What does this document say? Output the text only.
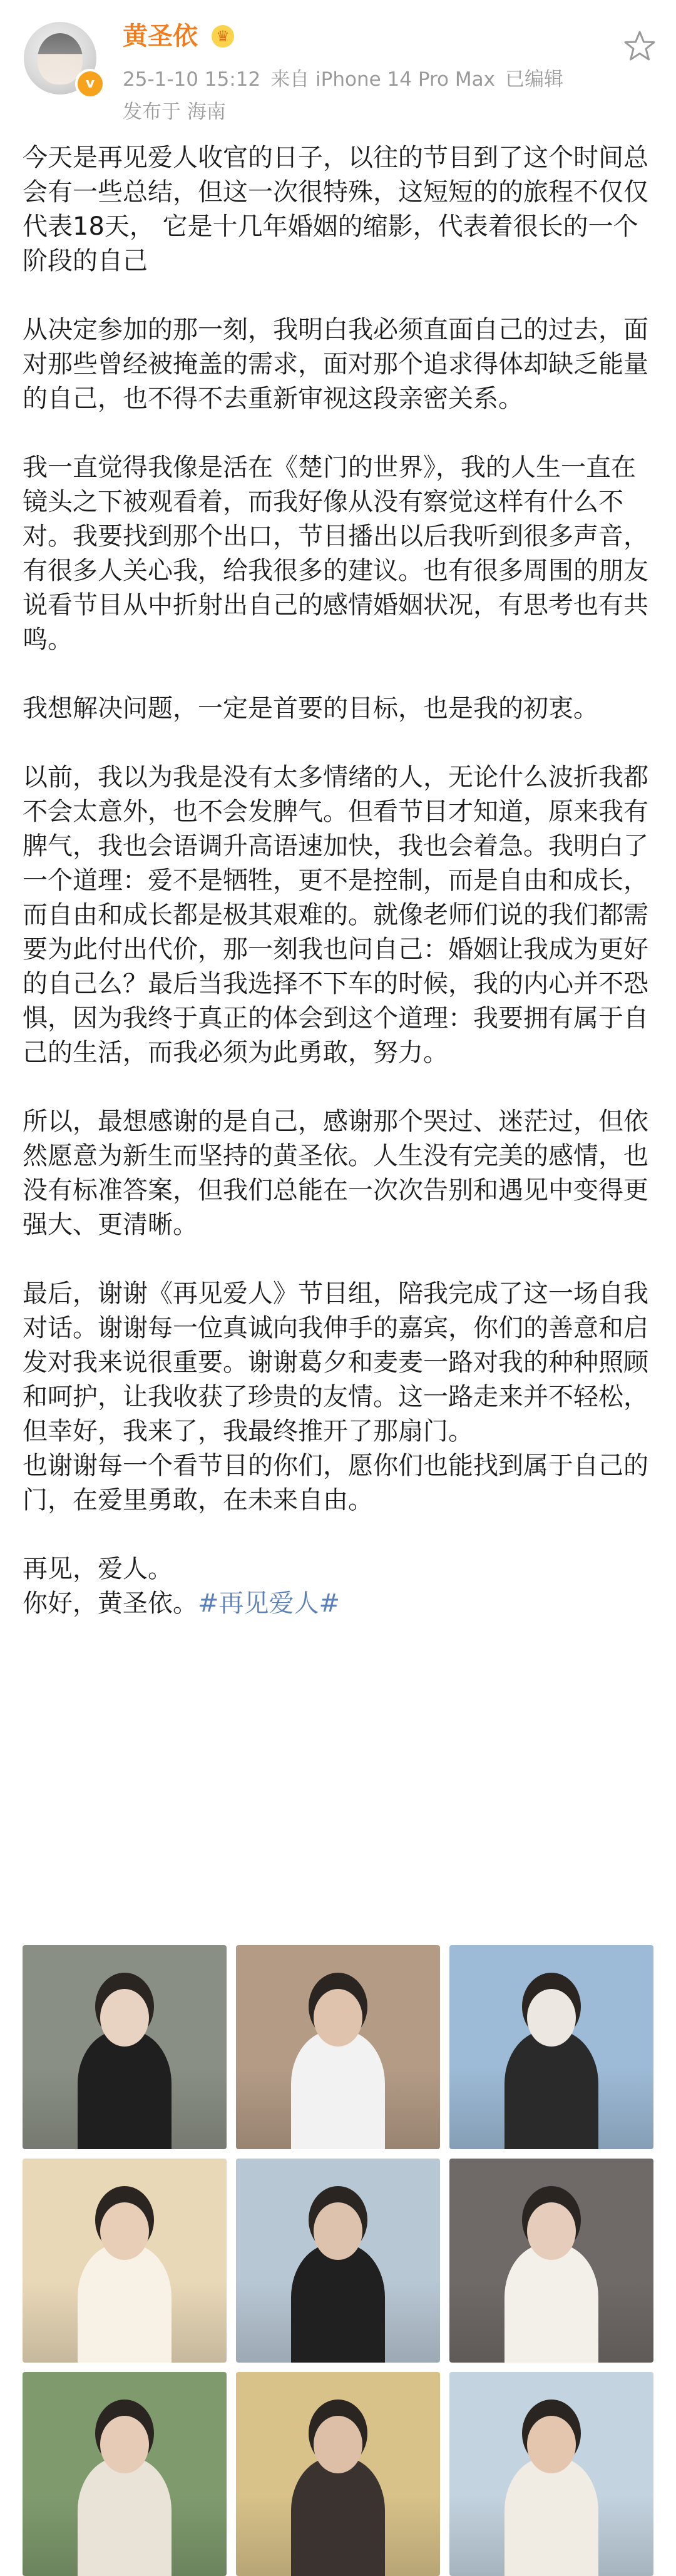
v
黄圣依	♛
25-1-10 15:12 来自 iPhone 14 Pro Max 已编辑
发布于 海南

今天是再见爱人收官的日子，以往的节目到了这个时间总会有一些总结，但这一次很特殊，这短短的的旅程不仅仅代表18天， 它是十几年婚姻的缩影，代表着很长的一个阶段的自己

从决定参加的那一刻，我明白我必须直面自己的过去，面对那些曾经被掩盖的需求，面对那个追求得体却缺乏能量的自己，也不得不去重新审视这段亲密关系。

我一直觉得我像是活在《楚门的世界》，我的人生一直在镜头之下被观看着，而我好像从没有察觉这样有什么不对。我要找到那个出口，节目播出以后我听到很多声音，有很多人关心我，给我很多的建议。也有很多周围的朋友说看节目从中折射出自己的感情婚姻状况，有思考也有共鸣。

我想解决问题，一定是首要的目标，也是我的初衷。

以前，我以为我是没有太多情绪的人，无论什么波折我都不会太意外，也不会发脾气。但看节目才知道，原来我有脾气，我也会语调升高语速加快，我也会着急。我明白了一个道理：爱不是牺牲，更不是控制，而是自由和成长，而自由和成长都是极其艰难的。就像老师们说的我们都需要为此付出代价，那一刻我也问自己：婚姻让我成为更好的自己么？最后当我选择不下车的时候，我的内心并不恐惧，因为我终于真正的体会到这个道理：我要拥有属于自己的生活，而我必须为此勇敢，努力。

所以，最想感谢的是自己，感谢那个哭过、迷茫过，但依然愿意为新生而坚持的黄圣依。人生没有完美的感情，也没有标准答案，但我们总能在一次次告别和遇见中变得更强大、更清晰。

最后，谢谢《再见爱人》节目组，陪我完成了这一场自我对话。谢谢每一位真诚向我伸手的嘉宾，你们的善意和启发对我来说很重要。谢谢葛夕和麦麦一路对我的种种照顾和呵护，让我收获了珍贵的友情。这一路走来并不轻松，但幸好，我来了，我最终推开了那扇门。

也谢谢每一个看节目的你们，愿你们也能找到属于自己的门，在爱里勇敢，在未来自由。

再见，爱人。

你好，黄圣依。#再见爱人#
